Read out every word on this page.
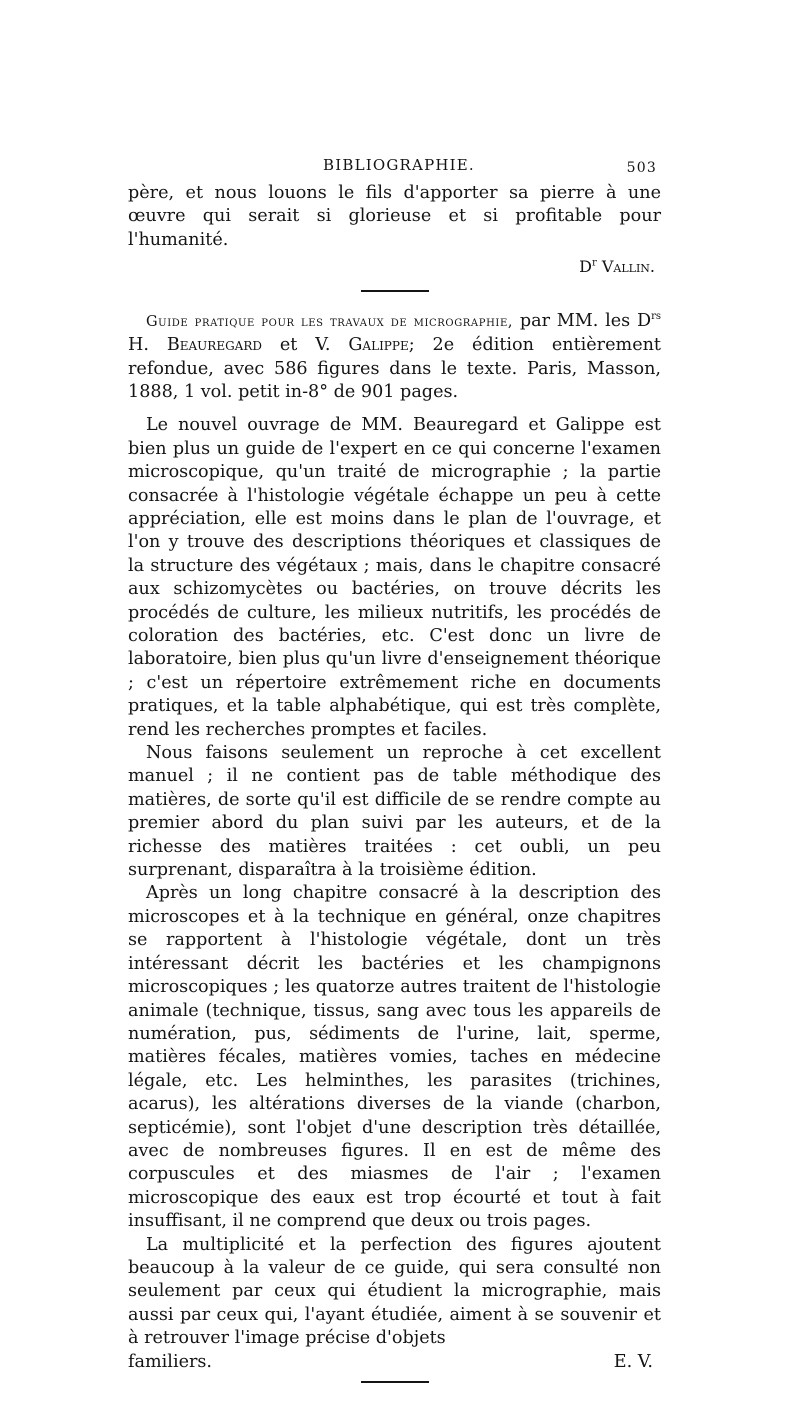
BIBLIOGRAPHIE.	503

père, et nous louons le fils d'apporter sa pierre à une œuvre qui serait si glorieuse et si profitable pour l'humanité.

$D^r$ Vallin.

Guide pratique pour les travaux de micrographie, par MM. les $D^{rs}$ H. Beauregard et V. Galippe; 2e édition entièrement refondue, avec 586 figures dans le texte. Paris, Masson, 1888, 1 vol. petit in-8° de 901 pages.

Le nouvel ouvrage de MM. Beauregard et Galippe est bien plus un guide de l'expert en ce qui concerne l'examen microscopique, qu'un traité de micrographie ; la partie consacrée à l'histologie végétale échappe un peu à cette appréciation, elle est moins dans le plan de l'ouvrage, et l'on y trouve des descriptions théoriques et classiques de la structure des végétaux ; mais, dans le chapitre consacré aux schizomycètes ou bactéries, on trouve décrits les procédés de culture, les milieux nutritifs, les procédés de coloration des bactéries, etc. C'est donc un livre de laboratoire, bien plus qu'un livre d'enseignement théorique ; c'est un répertoire extrêmement riche en documents pratiques, et la table alphabétique, qui est très complète, rend les recherches promptes et faciles.

Nous faisons seulement un reproche à cet excellent manuel ; il ne contient pas de table méthodique des matières, de sorte qu'il est difficile de se rendre compte au premier abord du plan suivi par les auteurs, et de la richesse des matières traitées : cet oubli, un peu surprenant, disparaîtra à la troisième édition.

Après un long chapitre consacré à la description des microscopes et à la technique en général, onze chapitres se rapportent à l'histologie végétale, dont un très intéressant décrit les bactéries et les champignons microscopiques ; les quatorze autres traitent de l'histologie animale (technique, tissus, sang avec tous les appareils de numération, pus, sédiments de l'urine, lait, sperme, matières fécales, matières vomies, taches en médecine légale, etc. Les helminthes, les parasites (trichines, acarus), les altérations diverses de la viande (charbon, septicémie), sont l'objet d'une description très détaillée, avec de nombreuses figures. Il en est de même des corpuscules et des miasmes de l'air ; l'examen microscopique des eaux est trop écourté et tout à fait insuffisant, il ne comprend que deux ou trois pages.

La multiplicité et la perfection des figures ajoutent beaucoup à la valeur de ce guide, qui sera consulté non seulement par ceux qui étudient la micrographie, mais aussi par ceux qui, l'ayant étudiée, aiment à se souvenir et à retrouver l'image précise d'objets

familiers.	E. V.
